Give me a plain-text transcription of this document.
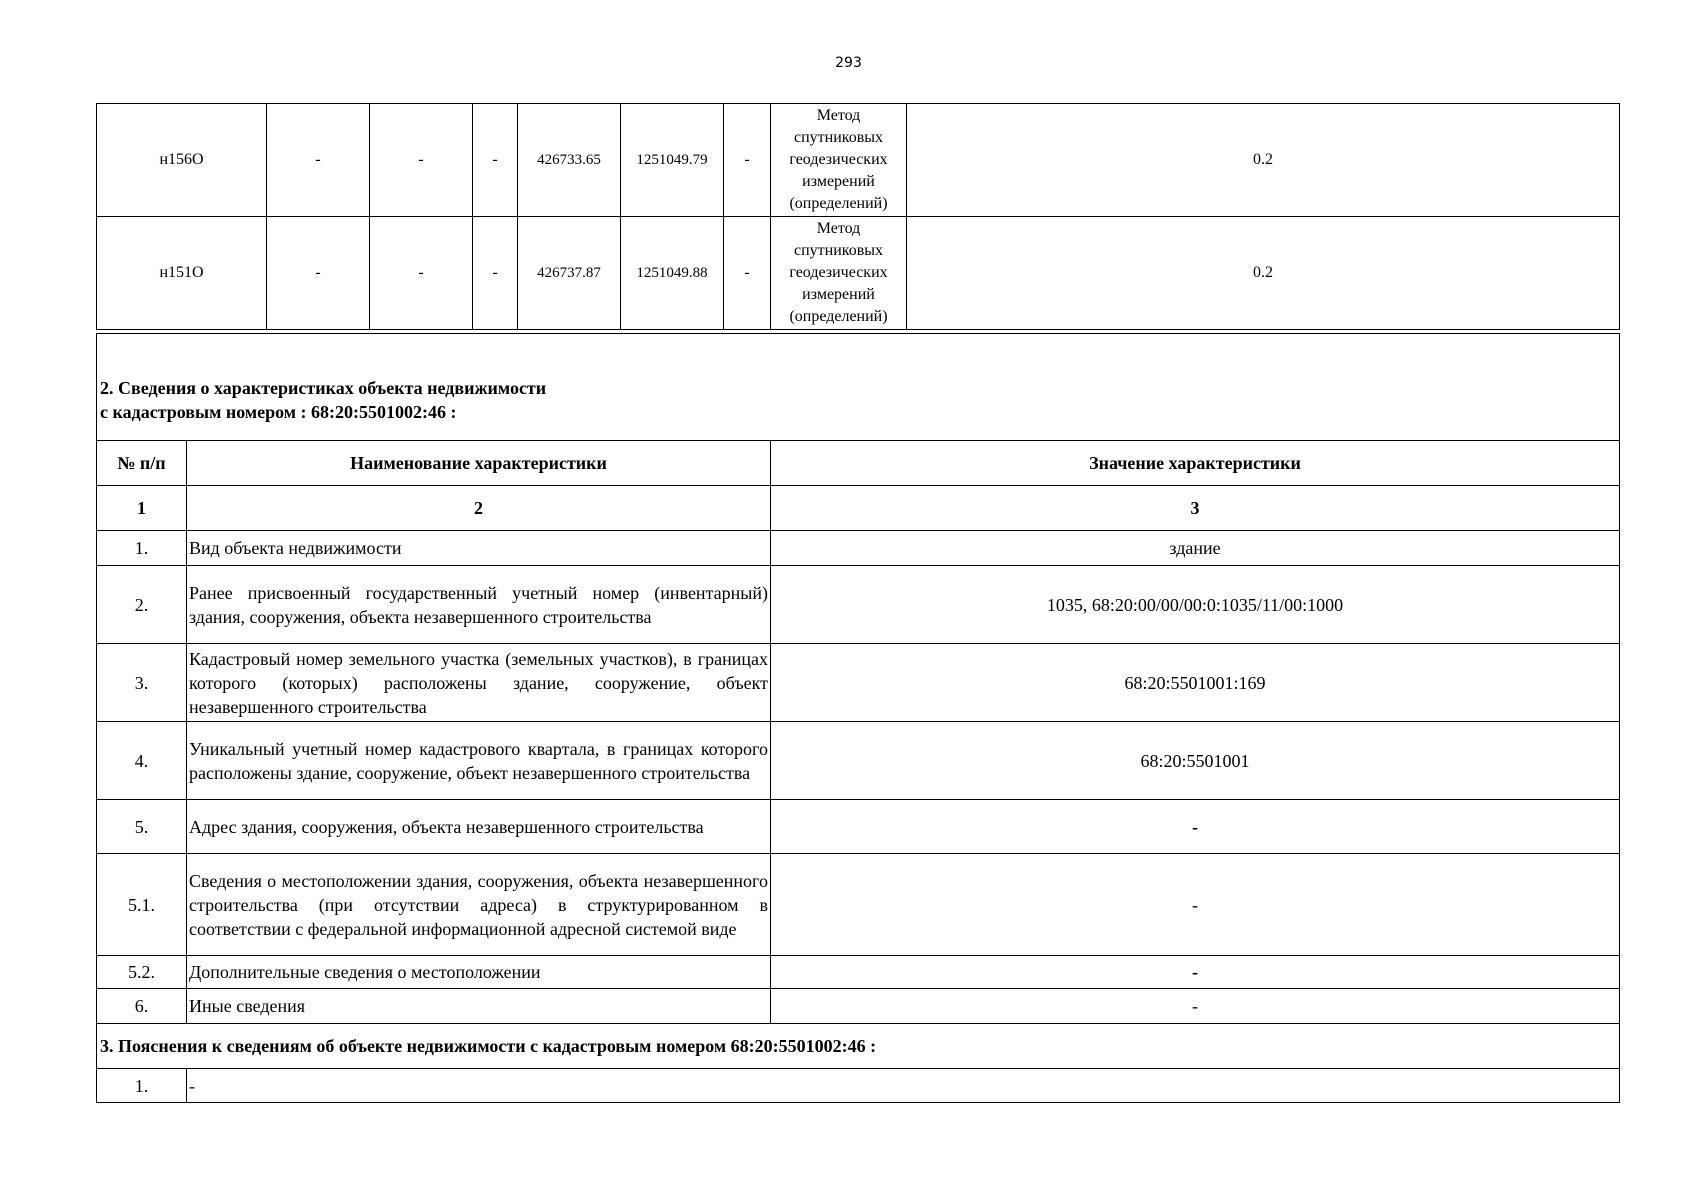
293
н156О	-	-	-	426733.65	1251049.79	-	Метод спутниковых геодезических измерений (определений)	0.2
н151О	-	-	-	426737.87	1251049.88	-	Метод спутниковых геодезических измерений (определений)	0.2
2. Сведения о характеристиках объекта недвижимости
с кадастровым номером : 68:20:5501002:46 :		
№ п/п	Наименование характеристики	Значение характеристики
1	2	3
1.	Вид объекта недвижимости	здание
2.	Ранее присвоенный государственный учетный номер (инвентарный) здания, сооружения, объекта незавершенного строительства	1035, 68:20:00/00/00:0:1035/11/00:1000
3.	Кадастровый номер земельного участка (земельных участков), в границах которого (которых) расположены здание, сооружение, объект незавершенного строительства	68:20:5501001:169
4.	Уникальный учетный номер кадастрового квартала, в границах которого расположены здание, сооружение, объект незавершенного строительства	68:20:5501001
5.	Адрес здания, сооружения, объекта незавершенного строительства	-
5.1.	Сведения о местоположении здания, сооружения, объекта незавершенного строительства (при отсутствии адреса) в структурированном в соответствии с федеральной информационной адресной системой виде	-
5.2.	Дополнительные сведения о местоположении	-
6.	Иные сведения	-
3. Пояснения к сведениям об объекте недвижимости с кадастровым номером 68:20:5501002:46 :		
1.	-	
